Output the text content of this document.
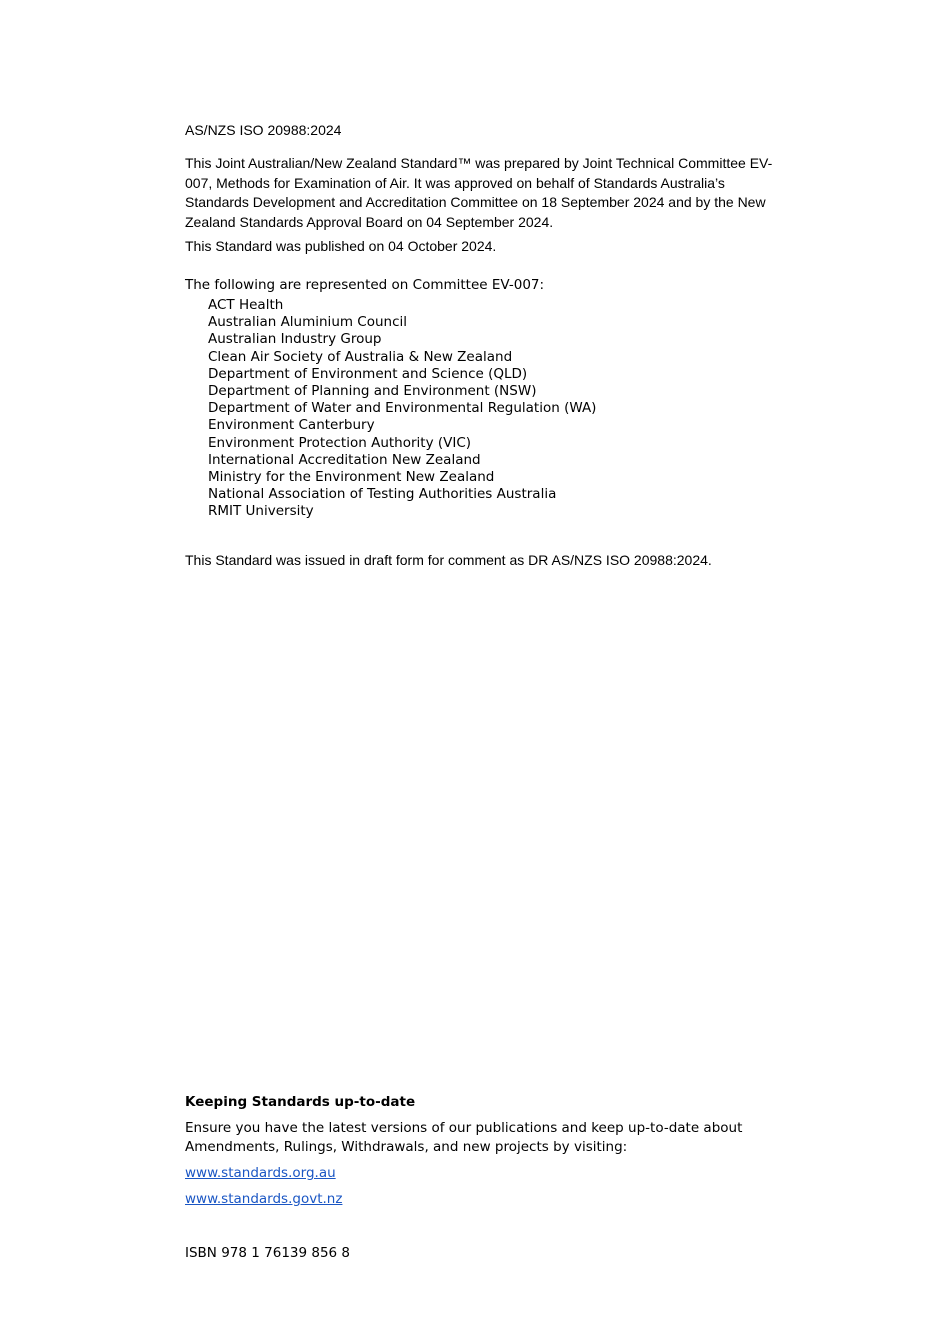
AS/NZS ISO 20988:2024
This Joint Australian/New Zealand Standard™ was prepared by Joint Technical Committee EV-007, Methods for Examination of Air. It was approved on behalf of Standards Australia’s Standards Development and Accreditation Committee on 18 September 2024 and by the New Zealand Standards Approval Board on 04 September 2024.
This Standard was published on 04 October 2024.
The following are represented on Committee EV-007:
ACT Health
Australian Aluminium Council
Australian Industry Group
Clean Air Society of Australia & New Zealand
Department of Environment and Science (QLD)
Department of Planning and Environment (NSW)
Department of Water and Environmental Regulation (WA)
Environment Canterbury
Environment Protection Authority (VIC)
International Accreditation New Zealand
Ministry for the Environment New Zealand
National Association of Testing Authorities Australia
RMIT University
This Standard was issued in draft form for comment as DR AS/NZS ISO 20988:2024.
Keeping Standards up-to-date
Ensure you have the latest versions of our publications and keep up-to-date about Amendments, Rulings, Withdrawals, and new projects by visiting:
www.standards.org.au
www.standards.govt.nz
ISBN 978 1 76139 856 8
